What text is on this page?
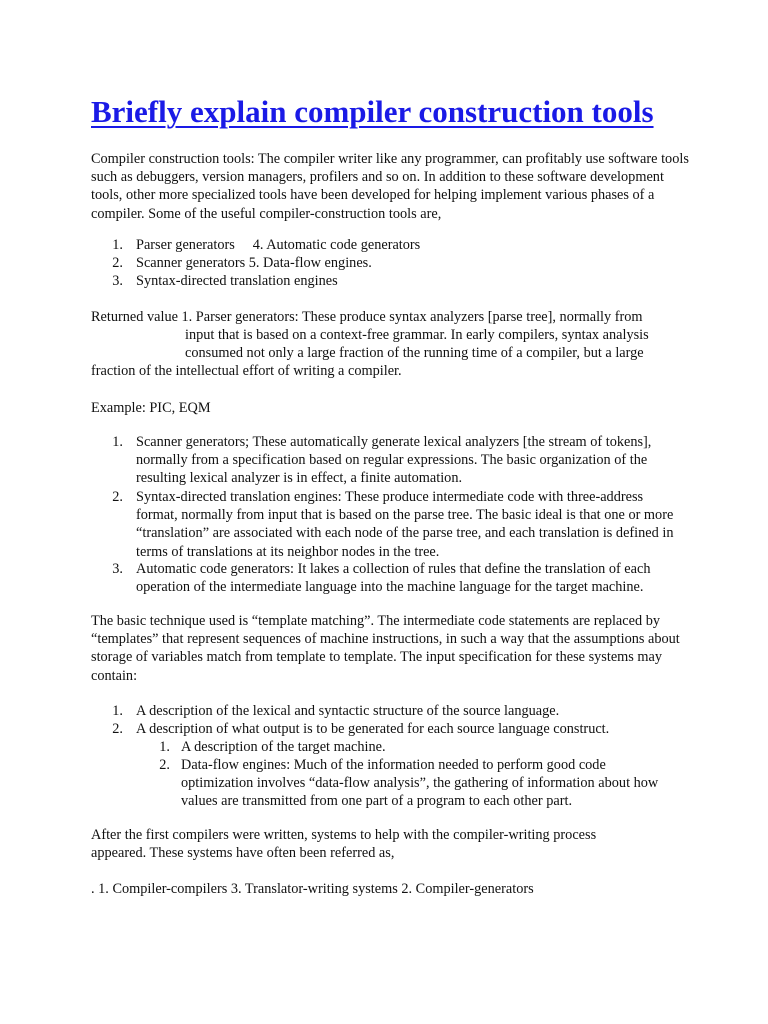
Briefly explain compiler construction tools

Compiler construction tools: The compiler writer like any programmer, can profitably use software tools such as debuggers, version managers, profilers and so on. In addition to these software development tools, other more specialized tools have been developed for helping implement various phases of a compiler. Some of the useful compiler-construction tools are,

1. Parser generators     4. Automatic code generators
2. Scanner generators 5. Data-flow engines.
3. Syntax-directed translation engines
Returned value 1. Parser generators: These produce syntax analyzers [parse tree], normally from
input that is based on a context-free grammar. In early compilers, syntax analysis
consumed not only a large fraction of the running time of a compiler, but a large
fraction of the intellectual effort of writing a compiler.

Example: PIC, EQM

1. Scanner generators; These automatically generate lexical analyzers [the stream of tokens], normally from a specification based on regular expressions. The basic organization of the resulting lexical analyzer is in effect, a finite automation.
2. Syntax-directed translation engines: These produce intermediate code with three-address format, normally from input that is based on the parse tree. The basic ideal is that one or more “translation” are associated with each node of the parse tree, and each translation is defined in terms of translations at its neighbor nodes in the tree.
3. Automatic code generators: It lakes a collection of rules that define the translation of each operation of the intermediate language into the machine language for the target machine.

The basic technique used is “template matching”. The intermediate code statements are replaced by “templates” that represent sequences of machine instructions, in such a way that the assumptions about storage of variables match from template to template. The input specification for these systems may contain:

1. A description of the lexical and syntactic structure of the source language.
2. A description of what output is to be generated for each source language construct.
1. A description of the target machine.
2. Data-flow engines: Much of the information needed to perform good code optimization involves “data-flow analysis”, the gathering of information about how values are transmitted from one part of a program to each other part.

After the first compilers were written, systems to help with the compiler-writing process appeared. These systems have often been referred as,

. 1. Compiler-compilers 3. Translator-writing systems 2. Compiler-generators
